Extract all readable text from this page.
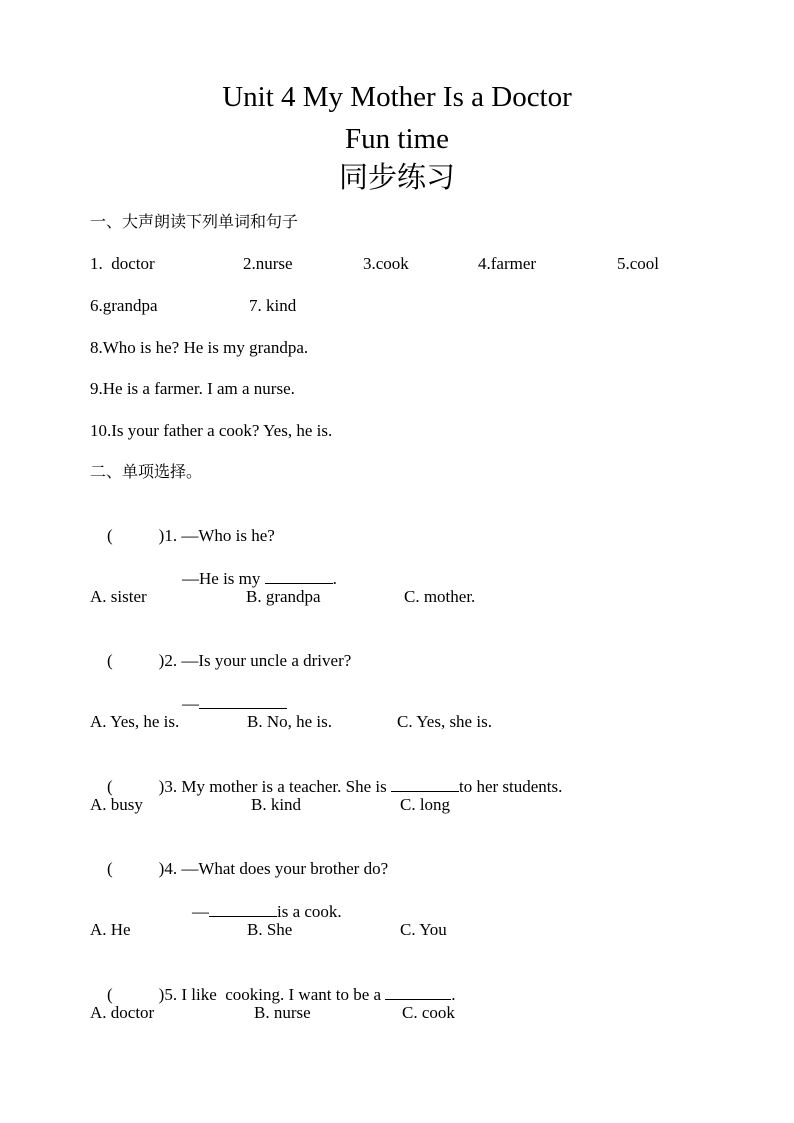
Unit 4 My Mother Is a Doctor
Fun time
同步练习
一、大声朗读下列单词和句子
1.  doctor	2.nurse	3.cook	4.farmer	5.cool
6.grandpa	7. kind
8.Who is he? He is my grandpa.
9.He is a farmer. I am a nurse.
10.Is your father a cook? Yes, he is.
二、单项选择。

(	)1. —Who is he?

—He is my	.

A. sister	B. grandpa	C. mother.

(	)2. —Is your uncle a driver?

—

A. Yes, he is.	B. No, he is.	C. Yes, she is.

(	)3. My mother is a teacher. She is	to her students.

A. busy	B. kind	C. long

(	)4. —What does your brother do?

—	is a cook.

A. He	B. She	C. You

(	)5. I like  cooking. I want to be a	.

A. doctor	B. nurse	C. cook
